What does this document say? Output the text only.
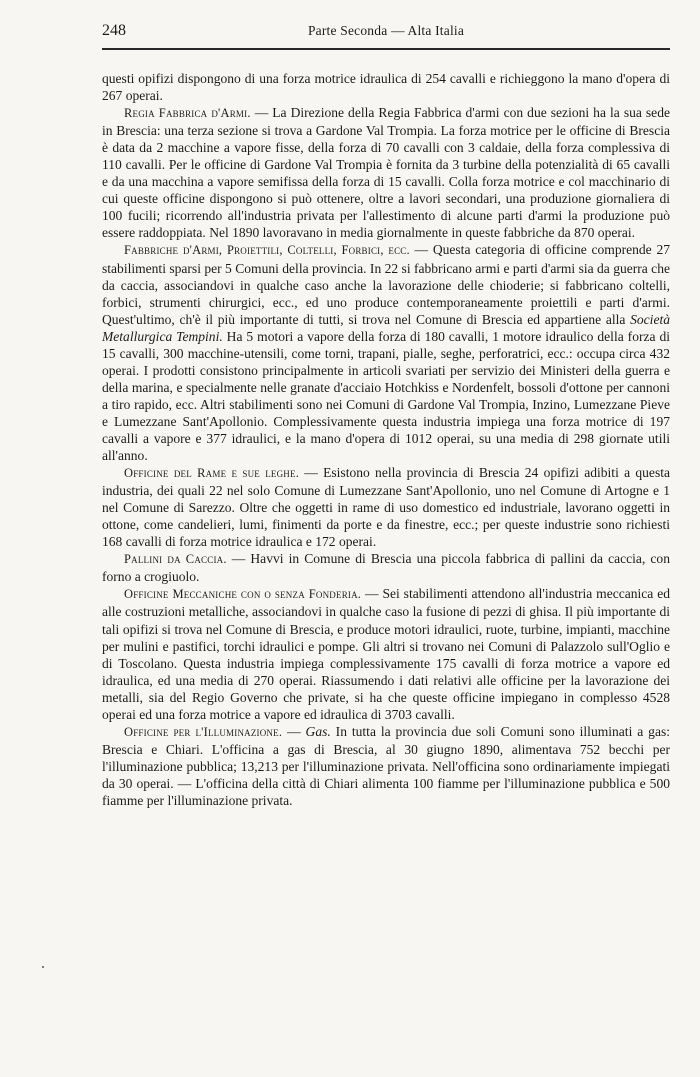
248	Parte Seconda — Alta Italia

questi opifizi dispongono di una forza motrice idraulica di 254 cavalli e richieggono la mano d'opera di 267 operai.

Regia Fabbrica d'Armi. — La Direzione della Regia Fabbrica d'armi con due sezioni ha la sua sede in Brescia: una terza sezione si trova a Gardone Val Trompia. La forza motrice per le officine di Brescia è data da 2 macchine a vapore fisse, della forza di 70 cavalli con 3 caldaie, della forza complessiva di 110 cavalli. Per le officine di Gardone Val Trompia è fornita da 3 turbine della potenzialità di 65 cavalli e da una macchina a vapore semifissa della forza di 15 cavalli. Colla forza motrice e col macchinario di cui queste officine dispongono si può ottenere, oltre a lavori secondari, una produzione giornaliera di 100 fucili; ricorrendo all'industria privata per l'allestimento di alcune parti d'armi la produzione può essere raddoppiata. Nel 1890 lavoravano in media giornalmente in queste fabbriche da 870 operai.

Fabbriche d'Armi, Proiettili, Coltelli, Forbici, ecc. — Questa categoria di officine comprende 27 stabilimenti sparsi per 5 Comuni della provincia. In 22 si fabbricano armi e parti d'armi sia da guerra che da caccia, associandovi in qualche caso anche la lavorazione delle chioderie; si fabbricano coltelli, forbici, strumenti chirurgici, ecc., ed uno produce contemporaneamente proiettili e parti d'armi. Quest'ultimo, ch'è il più importante di tutti, si trova nel Comune di Brescia ed appartiene alla Società Metallurgica Tempini. Ha 5 motori a vapore della forza di 180 cavalli, 1 motore idraulico della forza di 15 cavalli, 300 macchine-utensili, come torni, trapani, pialle, seghe, perforatrici, ecc.: occupa circa 432 operai. I prodotti consistono principalmente in articoli svariati per servizio dei Ministeri della guerra e della marina, e specialmente nelle granate d'acciaio Hotchkiss e Nordenfelt, bossoli d'ottone per cannoni a tiro rapido, ecc. Altri stabilimenti sono nei Comuni di Gardone Val Trompia, Inzino, Lumezzane Pieve e Lumezzane Sant'Apollonio. Complessivamente questa industria impiega una forza motrice di 197 cavalli a vapore e 377 idraulici, e la mano d'opera di 1012 operai, su una media di 298 giornate utili all'anno.

Officine del Rame e sue leghe. — Esistono nella provincia di Brescia 24 opifizi adibiti a questa industria, dei quali 22 nel solo Comune di Lumezzane Sant'Apollonio, uno nel Comune di Artogne e 1 nel Comune di Sarezzo. Oltre che oggetti in rame di uso domestico ed industriale, lavorano oggetti in ottone, come candelieri, lumi, finimenti da porte e da finestre, ecc.; per queste industrie sono richiesti 168 cavalli di forza motrice idraulica e 172 operai.

Pallini da Caccia. — Havvi in Comune di Brescia una piccola fabbrica di pallini da caccia, con forno a crogiuolo.

Officine Meccaniche con o senza Fonderia. — Sei stabilimenti attendono all'industria meccanica ed alle costruzioni metalliche, associandovi in qualche caso la fusione di pezzi di ghisa. Il più importante di tali opifizi si trova nel Comune di Brescia, e produce motori idraulici, ruote, turbine, impianti, macchine per mulini e pastifici, torchi idraulici e pompe. Gli altri si trovano nei Comuni di Palazzolo sull'Oglio e di Toscolano. Questa industria impiega complessivamente 175 cavalli di forza motrice a vapore ed idraulica, ed una media di 270 operai. Riassumendo i dati relativi alle officine per la lavorazione dei metalli, sia del Regio Governo che private, si ha che queste officine impiegano in complesso 4528 operai ed una forza motrice a vapore ed idraulica di 3703 cavalli.

Officine per l'Illuminazione. — Gas. In tutta la provincia due soli Comuni sono illuminati a gas: Brescia e Chiari. L'officina a gas di Brescia, al 30 giugno 1890, alimentava 752 becchi per l'illuminazione pubblica; 13,213 per l'illuminazione privata. Nell'officina sono ordinariamente impiegati da 30 operai. — L'officina della città di Chiari alimenta 100 fiamme per l'illuminazione pubblica e 500 fiamme per l'illuminazione privata.
